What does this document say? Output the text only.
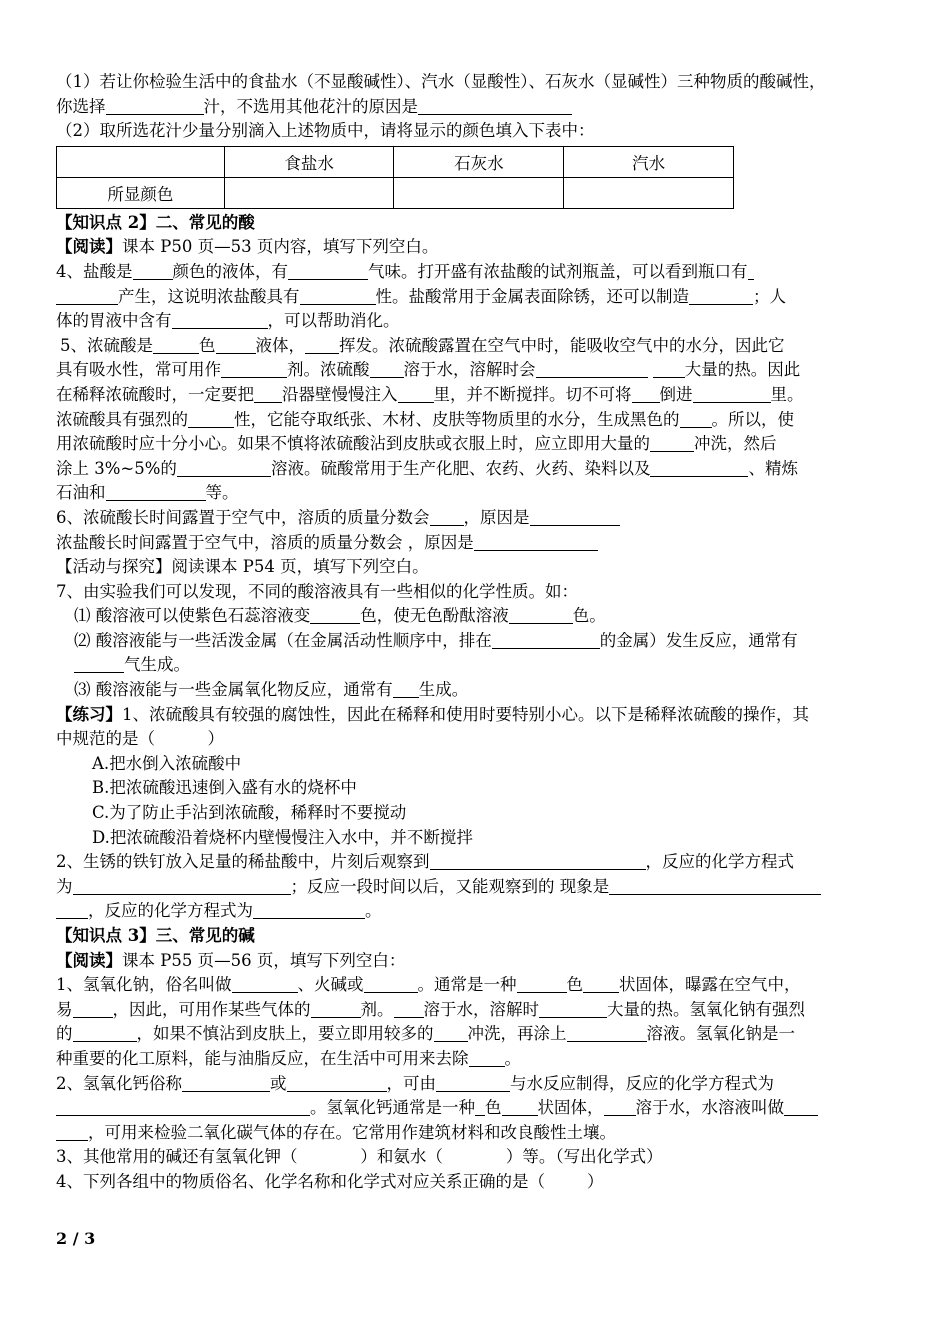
（1）若让你检验生活中的食盐水（不显酸碱性）、汽水（显酸性）、石灰水（显碱性）三种物质的酸碱性，
你选择	汁，不选用其他花汁的原因是
（2）取所选花汁少量分别滴入上述物质中，请将显示的颜色填入下表中：
	食盐水	石灰水	汽水
所显颜色			
【知识点 2】二、常见的酸
【阅读】课本 P50 页—53 页内容，填写下列空白。
4、盐酸是 颜色的液体，有	气味。打开盛有浓盐酸的试剂瓶盖，可以看到瓶口有
产生，这说明浓盐酸具有	性。盐酸常用于金属表面除锈，还可以制造	；人
体的胃液中含有	，可以帮助消化。
5、浓硫酸是	色 液体， 挥发。浓硫酸露置在空气中时，能吸收空气中的水分，因此它
具有吸水性，常可用作	剂。浓硫酸 溶于水，溶解时会	大量的热。因此
在稀释浓硫酸时，一定要把 沿器壁慢慢注入 里，并不断搅拌。切不可将 倒进	里。
浓硫酸具有强烈的	性，它能夺取纸张、木材、皮肤等物质里的水分，生成黑色的 。所以，使
用浓硫酸时应十分小心。如果不慎将浓硫酸沾到皮肤或衣服上时，应立即用大量的	冲洗，然后
涂上 3%~5%的	溶液。硫酸常用于生产化肥、农药、火药、染料以及	、精炼
石油和	等。
6、浓硫酸长时间露置于空气中，溶质的质量分数会 ，原因是
浓盐酸长时间露置于空气中，溶质的质量分数会 ，原因是
【活动与探究】阅读课本 P54 页，填写下列空白。
7、由实验我们可以发现，不同的酸溶液具有一些相似的化学性质。如：
⑴ 酸溶液可以使紫色石蕊溶液变	色，使无色酚酞溶液	色。
⑵ 酸溶液能与一些活泼金属（在金属活动性顺序中，排在	的金属）发生反应，通常有
气生成。
⑶ 酸溶液能与一些金属氧化物反应，通常有 生成。
【练习】1、浓硫酸具有较强的腐蚀性，因此在稀释和使用时要特别小心。以下是稀释浓硫酸的操作，其
中规范的是（          ）
A.把水倒入浓硫酸中
B.把浓硫酸迅速倒入盛有水的烧杯中
C.为了防止手沾到浓硫酸，稀释时不要搅动
D.把浓硫酸沿着烧杯内壁慢慢注入水中，并不断搅拌
2、生锈的铁钉放入足量的稀盐酸中，片刻后观察到	，反应的化学方程式
为	；反应一段时间以后，又能观察到的 现象是
，反应的化学方程式为	。
【知识点 3】三、常见的碱
【阅读】课本 P55 页—56 页，填写下列空白：
1、氢氧化钠，俗名叫做	、火碱或	。通常是一种	色 状固体，曝露在空气中，
易 ，因此，可用作某些气体的	剂。 溶于水，溶解时	大量的热。氢氧化钠有强烈
的	，如果不慎沾到皮肤上，要立即用较多的 冲洗，再涂上	溶液。氢氧化钠是一
种重要的化工原料，能与油脂反应，在生活中可用来去除 。
2、氢氧化钙俗称	或	，可由	与水反应制得，反应的化学方程式为
。氢氧化钙通常是一种 色 状固体， 溶于水，水溶液叫做
，可用来检验二氧化碳气体的存在。它常用作建筑材料和改良酸性土壤。
3、其他常用的碱还有氢氧化钾（            ）和氨水（            ）等。（写出化学式）
4、下列各组中的物质俗名、化学名称和化学式对应关系正确的是（        ）
2 / 3
